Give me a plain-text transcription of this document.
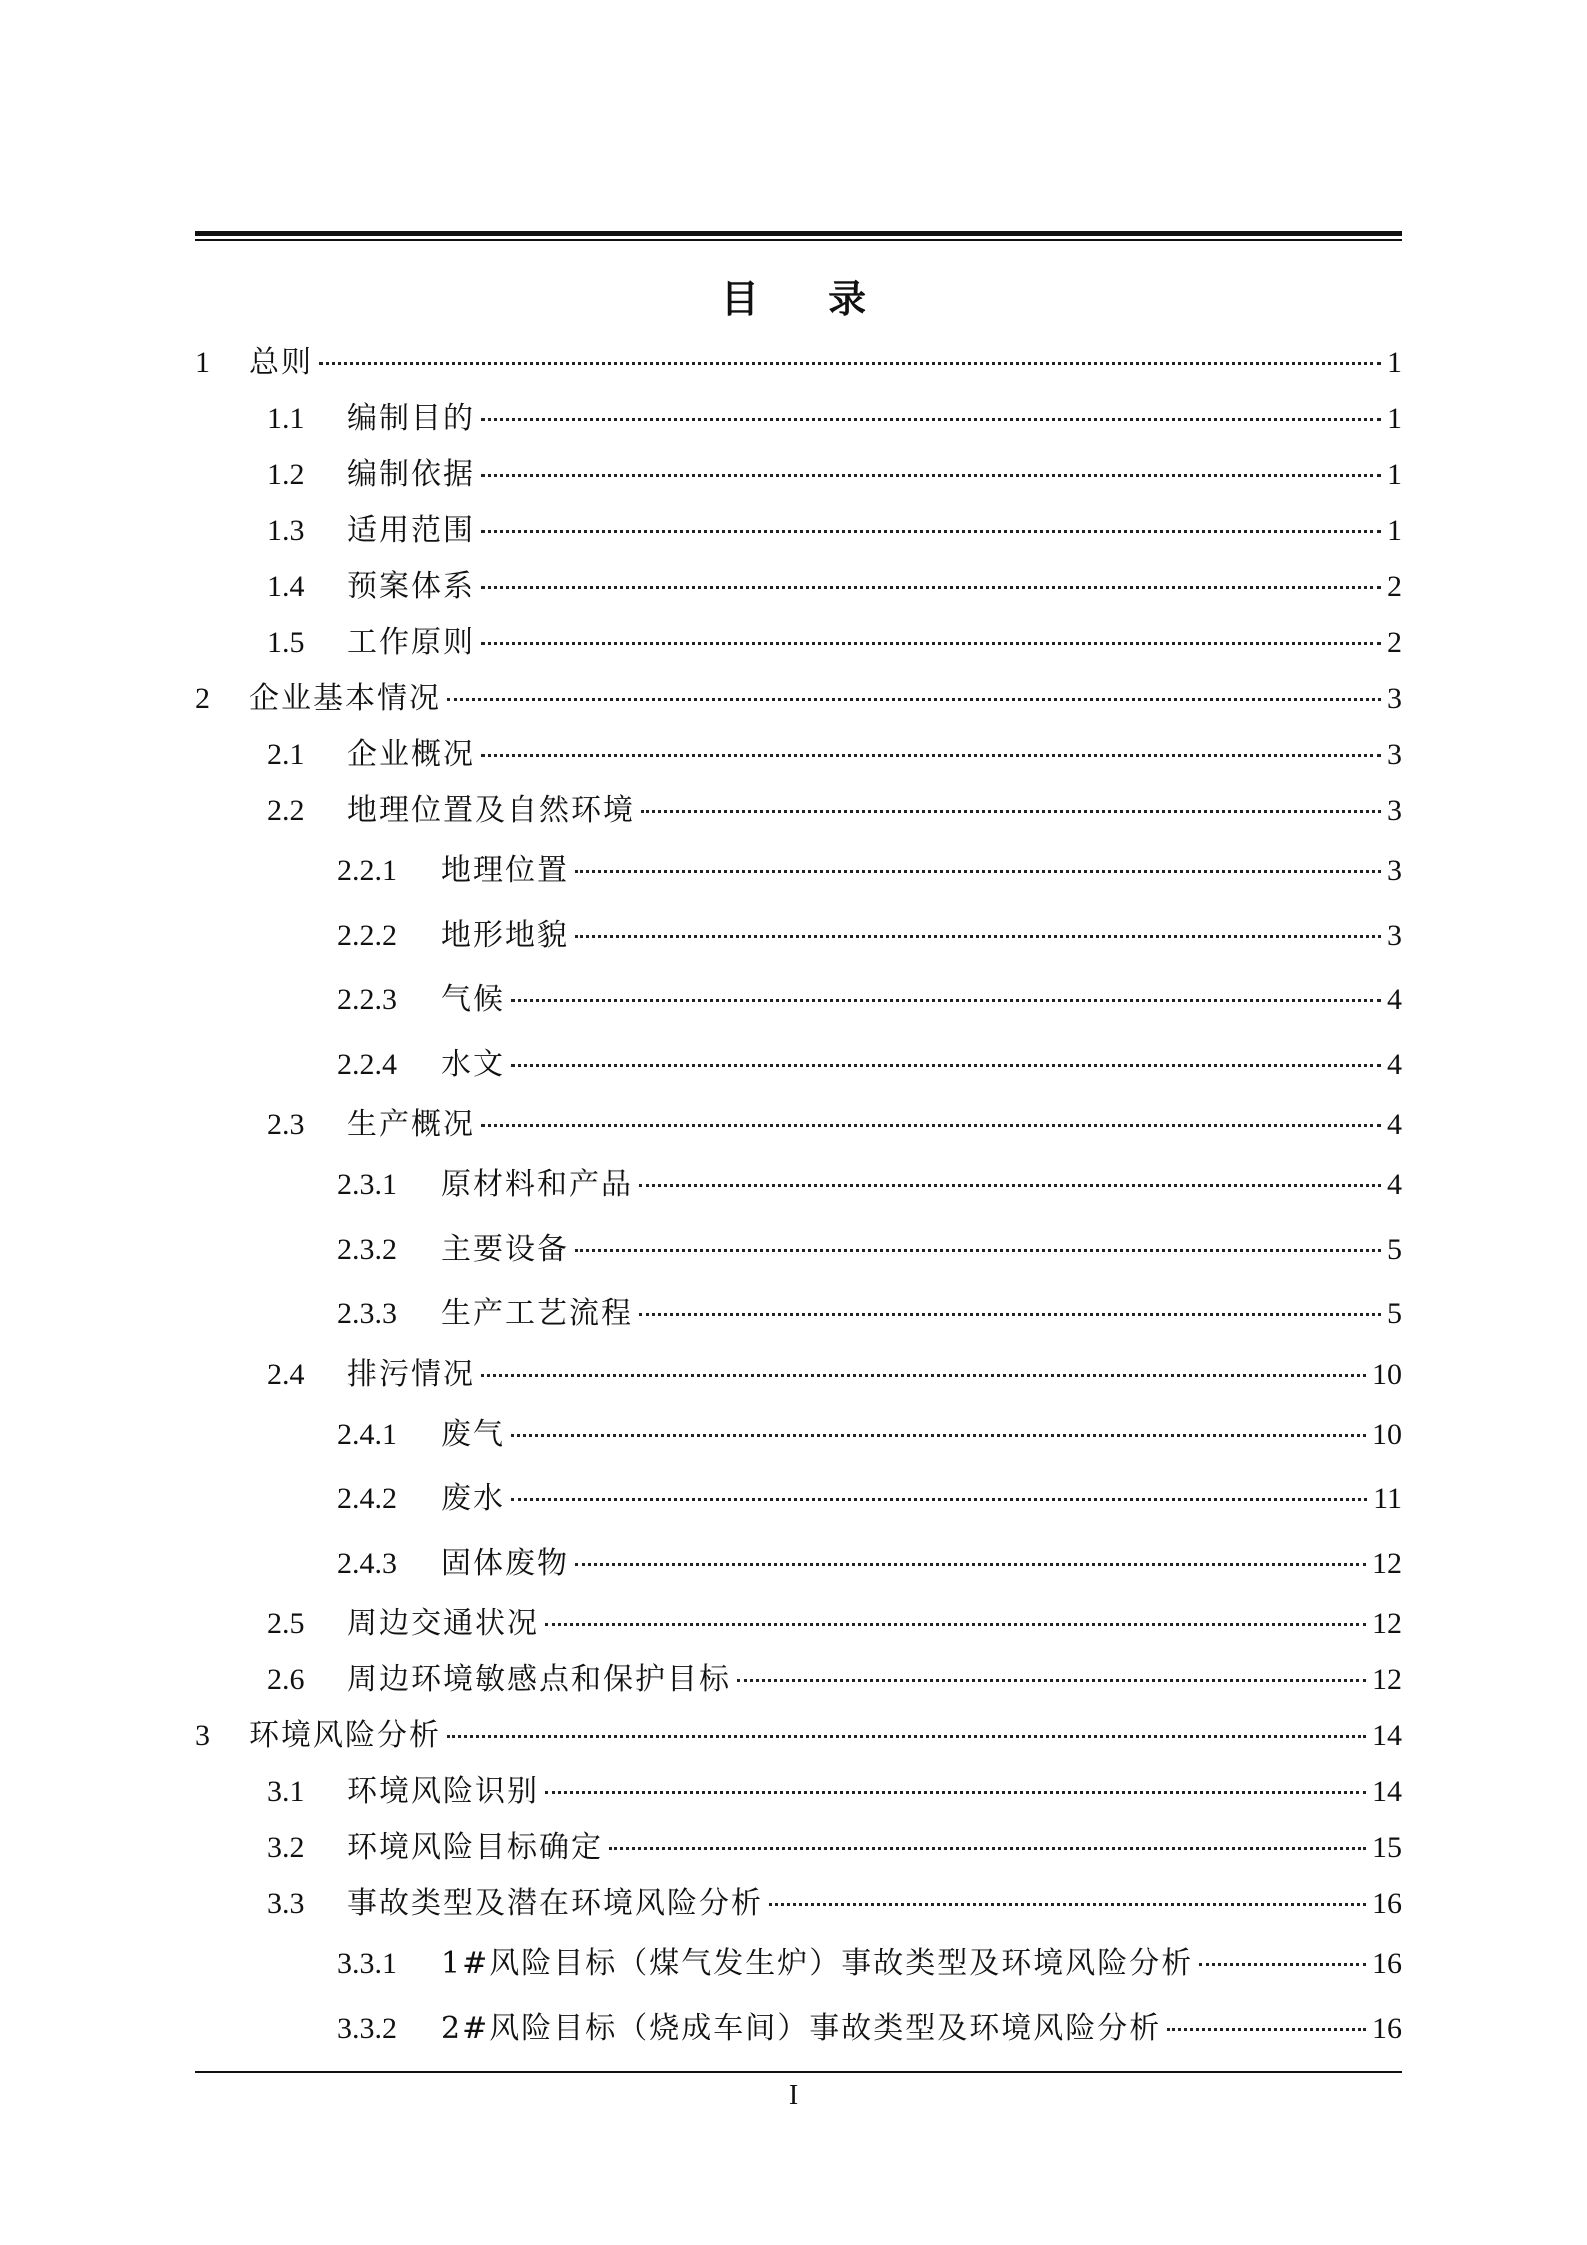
目 录
1	总则	1
1.1	编制目的	1
1.2	编制依据	1
1.3	适用范围	1
1.4	预案体系	2
1.5	工作原则	2
2	企业基本情况	3
2.1	企业概况	3
2.2	地理位置及自然环境	3
2.2.1	地理位置	3
2.2.2	地形地貌	3
2.2.3	气候	4
2.2.4	水文	4
2.3	生产概况	4
2.3.1	原材料和产品	4
2.3.2	主要设备	5
2.3.3	生产工艺流程	5
2.4	排污情况	10
2.4.1	废气	10
2.4.2	废水	11
2.4.3	固体废物	12
2.5	周边交通状况	12
2.6	周边环境敏感点和保护目标	12
3	环境风险分析	14
3.1	环境风险识别	14
3.2	环境风险目标确定	15
3.3	事故类型及潜在环境风险分析	16
3.3.1	1#风险目标（煤气发生炉）事故类型及环境风险分析	16
3.3.2	2#风险目标（烧成车间）事故类型及环境风险分析	16
I
